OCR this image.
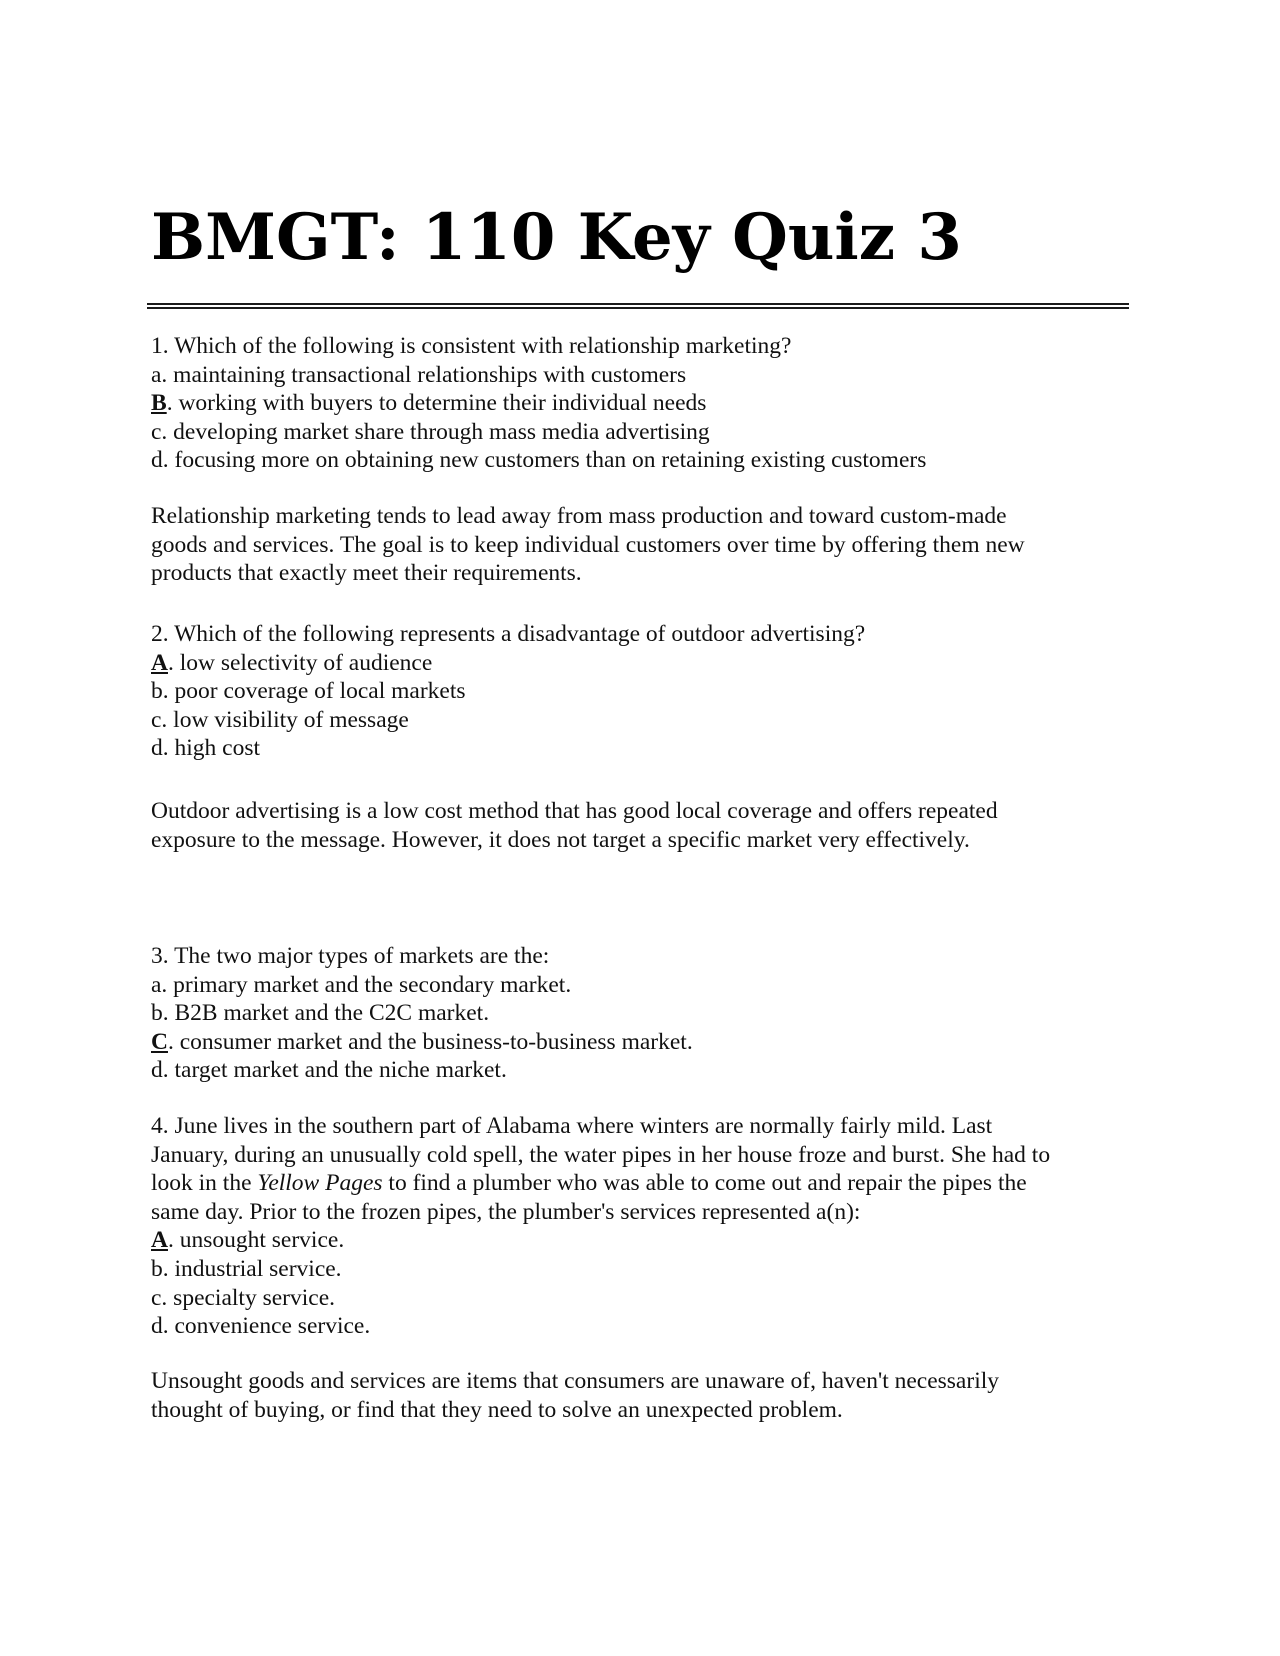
BMGT: 110 Key Quiz 3
1. Which of the following is consistent with relationship marketing?
a. maintaining transactional relationships with customers
B. working with buyers to determine their individual needs
c. developing market share through mass media advertising
d. focusing more on obtaining new customers than on retaining existing customers
Relationship marketing tends to lead away from mass production and toward custom-made
goods and services. The goal is to keep individual customers over time by offering them new
products that exactly meet their requirements.
2. Which of the following represents a disadvantage of outdoor advertising?
A. low selectivity of audience
b. poor coverage of local markets
c. low visibility of message
d. high cost
Outdoor advertising is a low cost method that has good local coverage and offers repeated
exposure to the message. However, it does not target a specific market very effectively.
3. The two major types of markets are the:
a. primary market and the secondary market.
b. B2B market and the C2C market.
C. consumer market and the business-to-business market.
d. target market and the niche market.
4. June lives in the southern part of Alabama where winters are normally fairly mild. Last
January, during an unusually cold spell, the water pipes in her house froze and burst. She had to
look in the Yellow Pages to find a plumber who was able to come out and repair the pipes the
same day. Prior to the frozen pipes, the plumber's services represented a(n):
A. unsought service.
b. industrial service.
c. specialty service.
d. convenience service.
Unsought goods and services are items that consumers are unaware of, haven't necessarily
thought of buying, or find that they need to solve an unexpected problem.
